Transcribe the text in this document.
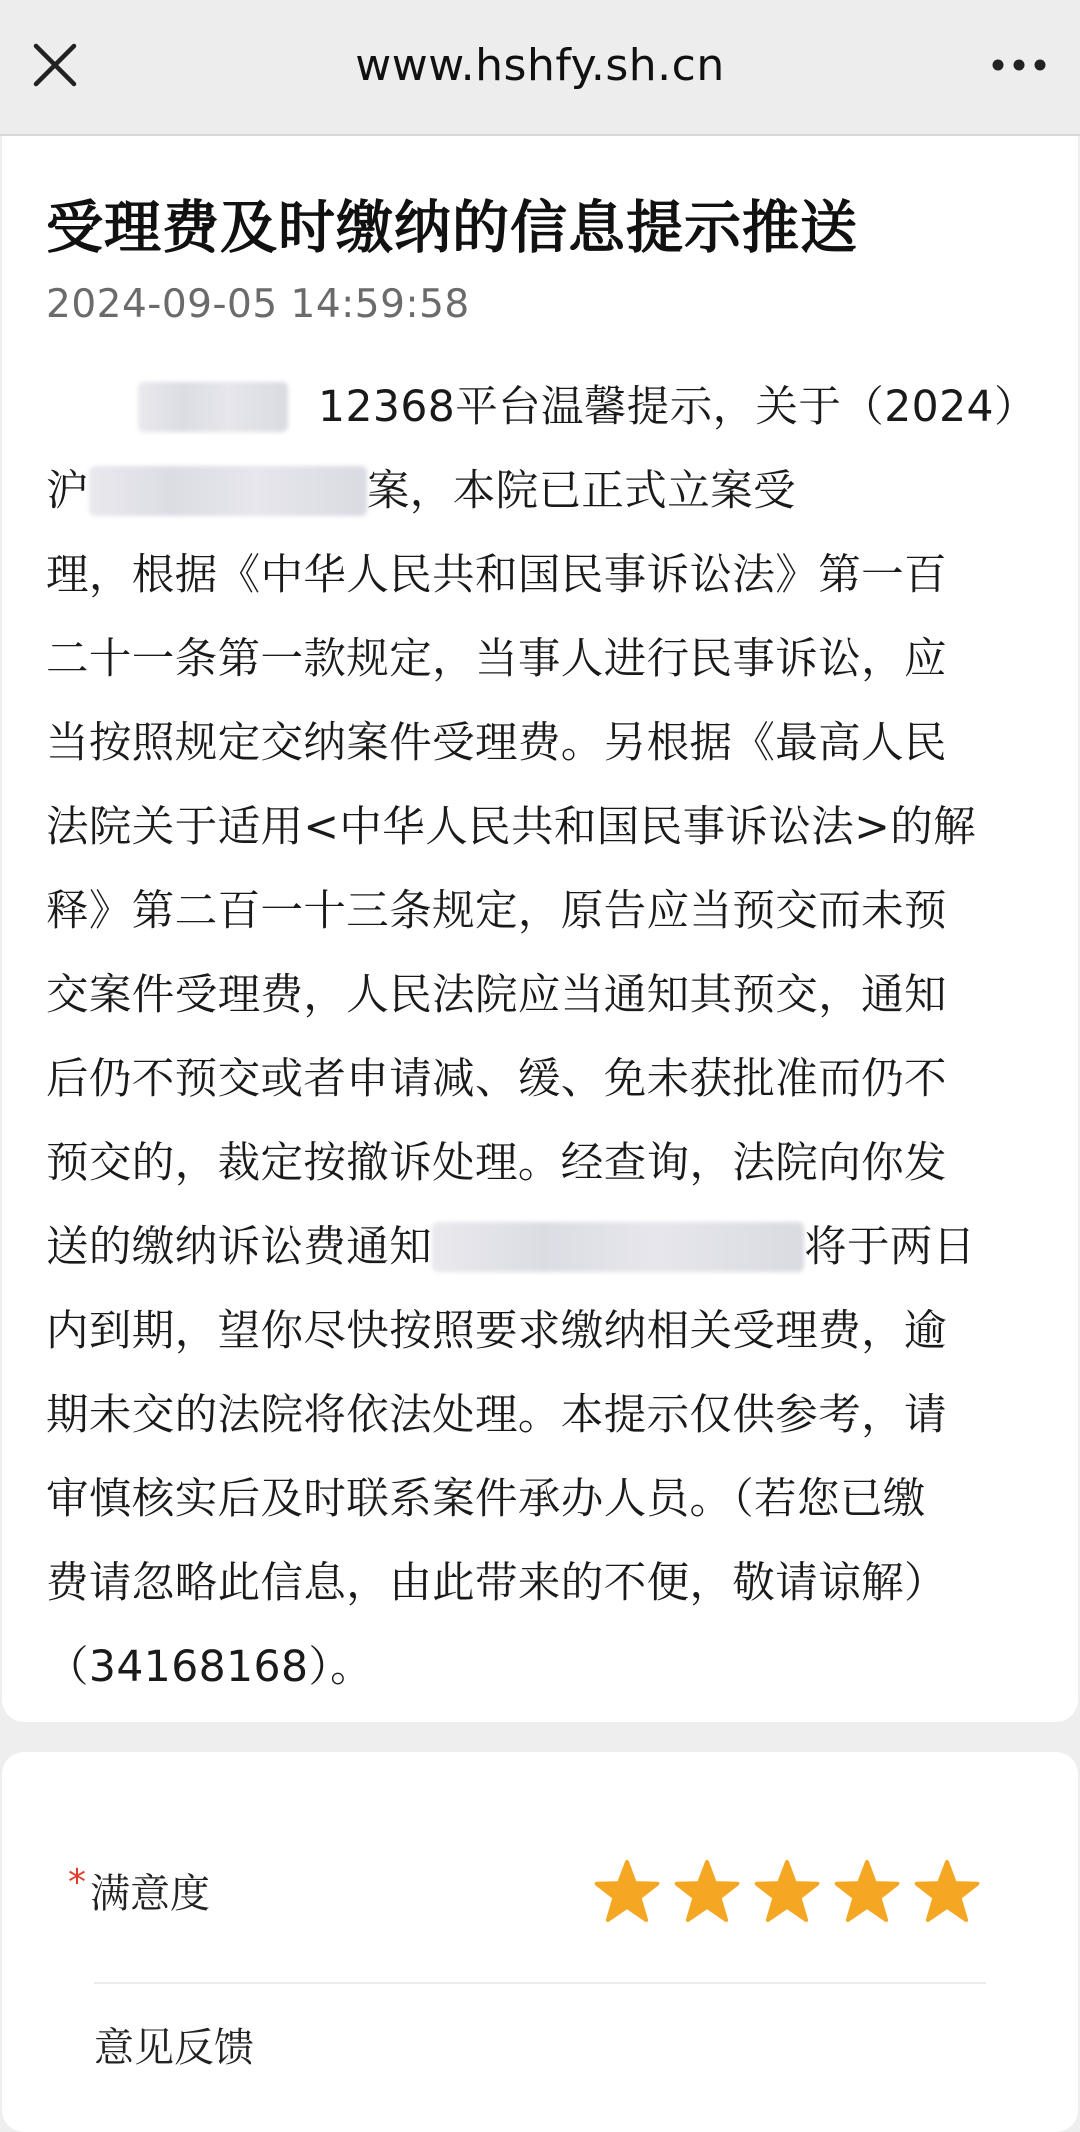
www.hshfy.sh.cn
受理费及时缴纳的信息提示推送
2024-09-05 14:59:58
12368平台温馨提示，关于（2024）
沪	案，本院已正式立案受
理，根据《中华人民共和国民事诉讼法》第一百
二十一条第一款规定，当事人进行民事诉讼，应
当按照规定交纳案件受理费。另根据《最高人民
法院关于适用<中华人民共和国民事诉讼法>的解
释》第二百一十三条规定，原告应当预交而未预
交案件受理费，人民法院应当通知其预交，通知
后仍不预交或者申请减、缓、免未获批准而仍不
预交的，裁定按撤诉处理。经查询，法院向你发
送的缴纳诉讼费通知	将于两日
内到期，望你尽快按照要求缴纳相关受理费，逾
期未交的法院将依法处理。本提示仅供参考，请
审慎核实后及时联系案件承办人员。（若您已缴
费请忽略此信息，由此带来的不便，敬请谅解）
（34168168）。
* 满意度
意见反馈
